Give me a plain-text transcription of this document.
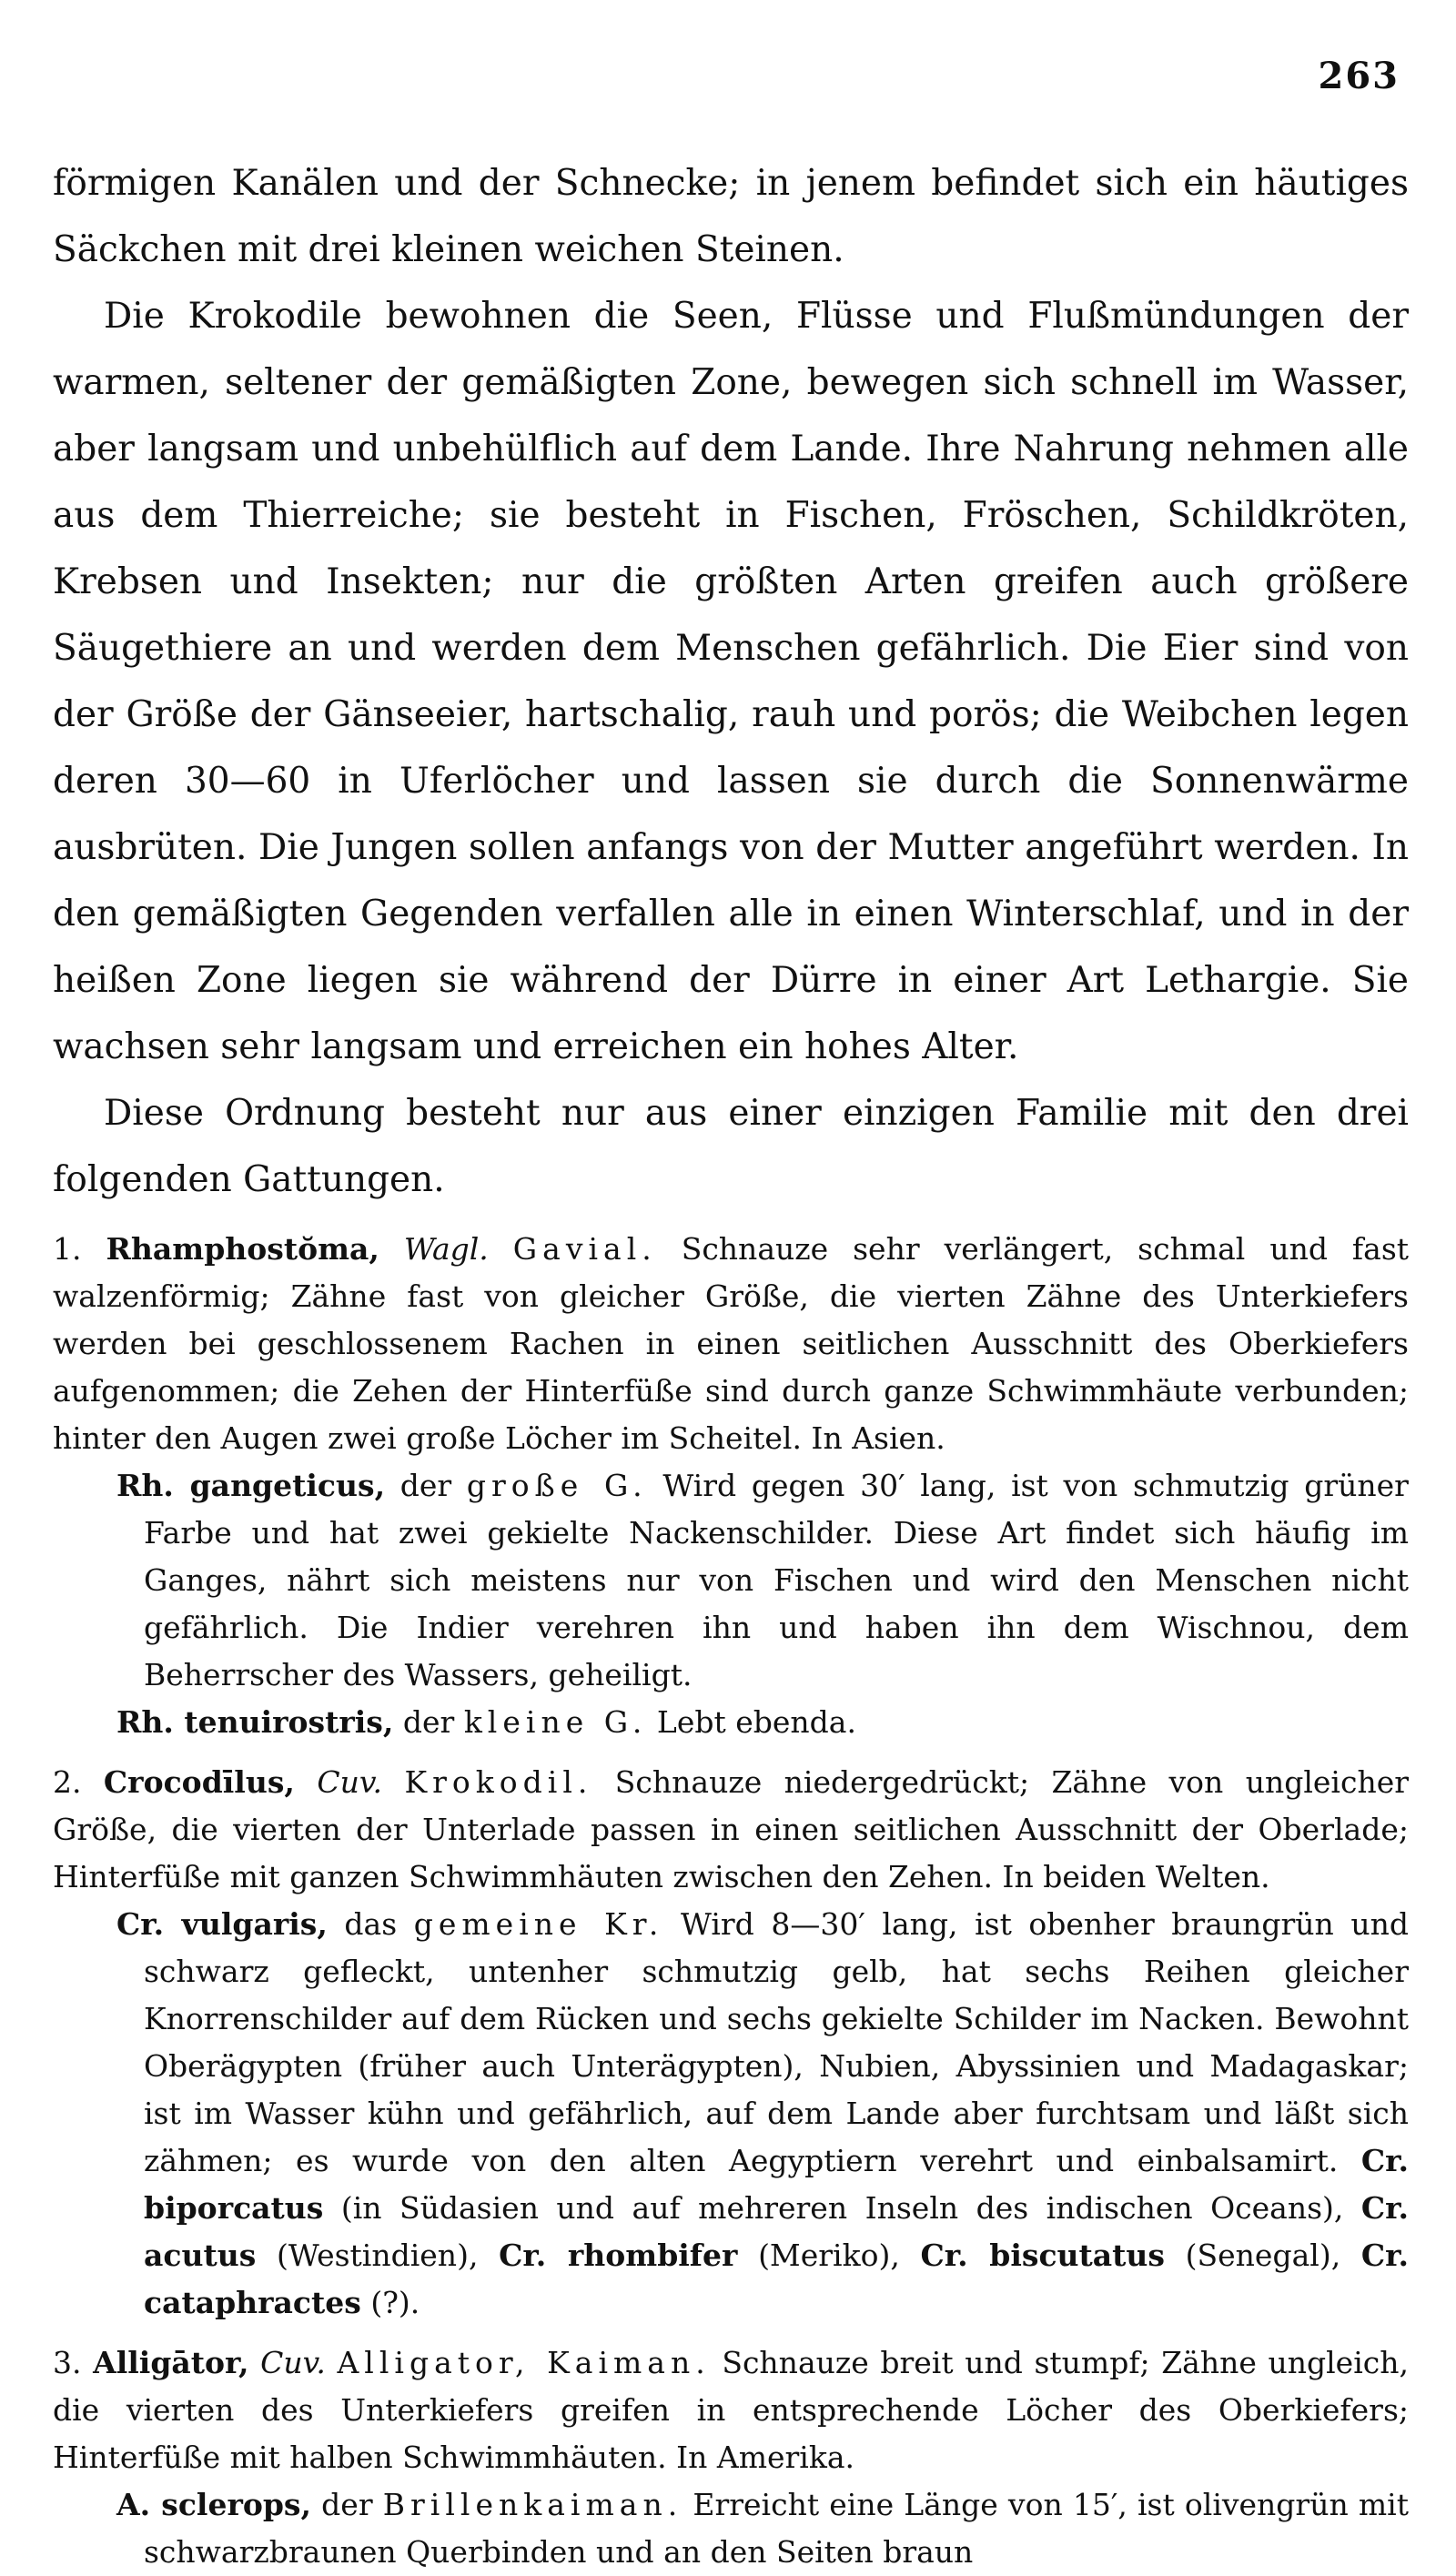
263

förmigen Kanälen und der Schnecke; in jenem befindet sich ein häutiges Säckchen mit drei kleinen weichen Steinen.

Die Krokodile bewohnen die Seen, Flüsse und Flußmündungen der warmen, seltener der gemäßigten Zone, bewegen sich schnell im Wasser, aber langsam und unbehülflich auf dem Lande. Ihre Nahrung nehmen alle aus dem Thierreiche; sie besteht in Fischen, Fröschen, Schildkröten, Krebsen und Insekten; nur die größten Arten greifen auch größere Säugethiere an und werden dem Menschen gefährlich. Die Eier sind von der Größe der Gänseeier, hartschalig, rauh und porös; die Weibchen legen deren 30—60 in Uferlöcher und lassen sie durch die Sonnenwärme ausbrüten. Die Jungen sollen anfangs von der Mutter angeführt werden. In den gemäßigten Gegenden verfallen alle in einen Winterschlaf, und in der heißen Zone liegen sie während der Dürre in einer Art Lethargie. Sie wachsen sehr langsam und erreichen ein hohes Alter.

Diese Ordnung besteht nur aus einer einzigen Familie mit den drei folgenden Gattungen.

1. Rhamphostŏma, Wagl. Gavial. Schnauze sehr verlängert, schmal und fast walzenförmig; Zähne fast von gleicher Größe, die vierten Zähne des Unterkiefers werden bei geschlossenem Rachen in einen seitlichen Ausschnitt des Oberkiefers aufgenommen; die Zehen der Hinterfüße sind durch ganze Schwimmhäute verbunden; hinter den Augen zwei große Löcher im Scheitel. In Asien.

Rh. gangeticus, der große G. Wird gegen 30′ lang, ist von schmutzig grüner Farbe und hat zwei gekielte Nackenschilder. Diese Art findet sich häufig im Ganges, nährt sich meistens nur von Fischen und wird den Menschen nicht gefährlich. Die Indier verehren ihn und haben ihn dem Wischnou, dem Beherrscher des Wassers, geheiligt.

Rh. tenuirostris, der kleine G. Lebt ebenda.

2. Crocodīlus, Cuv. Krokodil. Schnauze niedergedrückt; Zähne von ungleicher Größe, die vierten der Unterlade passen in einen seitlichen Ausschnitt der Oberlade; Hinterfüße mit ganzen Schwimmhäuten zwischen den Zehen. In beiden Welten.

Cr. vulgaris, das gemeine Kr. Wird 8—30′ lang, ist obenher braungrün und schwarz gefleckt, untenher schmutzig gelb, hat sechs Reihen gleicher Knorrenschilder auf dem Rücken und sechs gekielte Schilder im Nacken. Bewohnt Oberägypten (früher auch Unterägypten), Nubien, Abyssinien und Madagaskar; ist im Wasser kühn und gefährlich, auf dem Lande aber furchtsam und läßt sich zähmen; es wurde von den alten Aegyptiern verehrt und einbalsamirt. Cr. biporcatus (in Südasien und auf mehreren Inseln des indischen Oceans), Cr. acutus (Westindien), Cr. rhombifer (Meriko), Cr. biscutatus (Senegal), Cr. cataphractes (?).

3. Alligātor, Cuv. Alligator, Kaiman. Schnauze breit und stumpf; Zähne ungleich, die vierten des Unterkiefers greifen in entsprechende Löcher des Oberkiefers; Hinterfüße mit halben Schwimmhäuten. In Amerika.

A. sclerops, der Brillenkaiman. Erreicht eine Länge von 15′, ist olivengrün mit schwarzbraunen Querbinden und an den Seiten braun
